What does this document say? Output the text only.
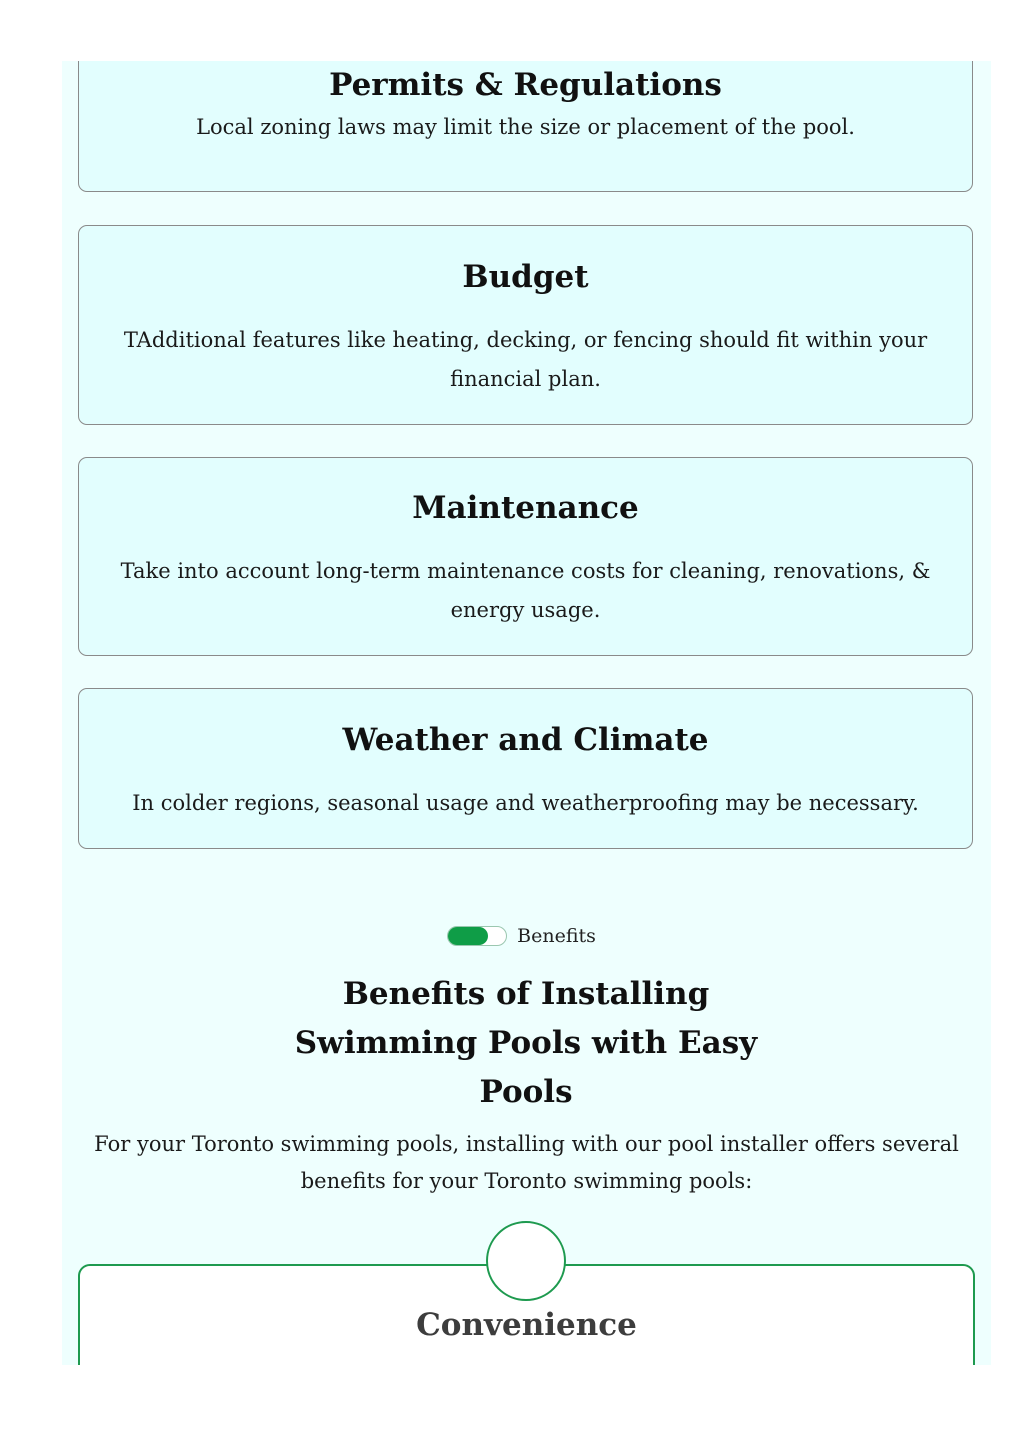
Permits & Regulations

Local zoning laws may limit the size or placement of the pool.

Budget

TAdditional features like heating, decking, or fencing should fit within your financial plan.

Maintenance

Take into account long-term maintenance costs for cleaning, renovations, & energy usage.

Weather and Climate

In colder regions, seasonal usage and weatherproofing may be necessary.

Benefits
Benefits of Installing Swimming Pools with Easy Pools

For your Toronto swimming pools, installing with our pool installer offers several benefits for your Toronto swimming pools:

Convenience
